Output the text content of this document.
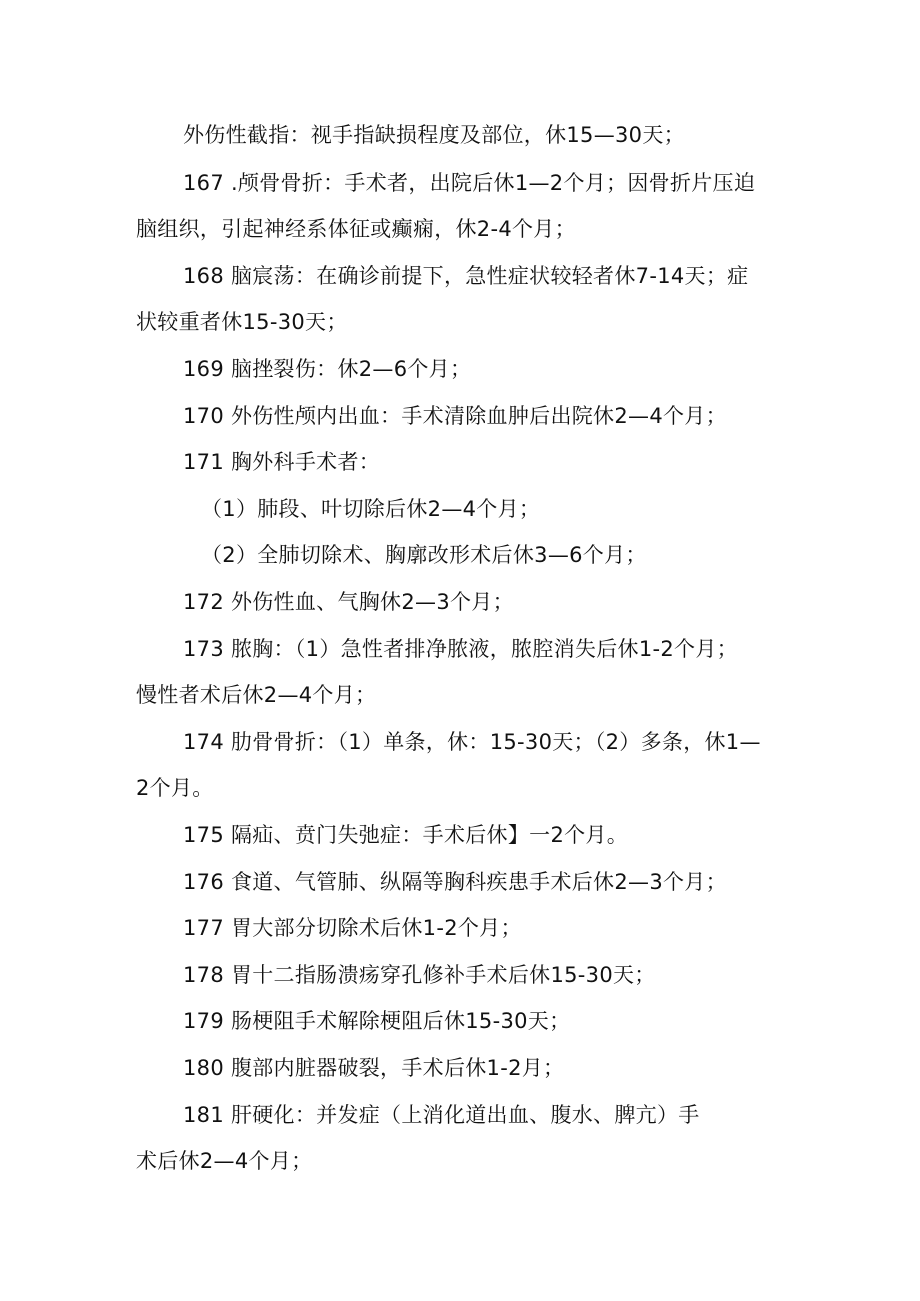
外伤性截指：视手指缺损程度及部位，休15—30天；
167 .颅骨骨折：手术者，出院后休1—2个月；因骨折片压迫
脑组织，引起神经系体征或癫痫，休2-4个月；
168 脑宸荡：在确诊前提下，急性症状较轻者休7-14天；症
状较重者休15-30天；
169 脑挫裂伤：休2—6个月；
170 外伤性颅内出血：手术清除血肿后出院休2—4个月；
171 胸外科手术者：
（1）肺段、叶切除后休2—4个月；
（2）全肺切除术、胸廓改形术后休3—6个月；
172 外伤性血、气胸休2—3个月；
173 脓胸：（1）急性者排净脓液，脓腔消失后休1-2个月；
慢性者术后休2—4个月；
174 肋骨骨折：（1）单条，休：15-30天；（2）多条，休1—
2个月。
175 隔疝、贲门失弛症：手术后休】一2个月。
176 食道、气管肺、纵隔等胸科疾患手术后休2—3个月；
177 胃大部分切除术后休1-2个月；
178 胃十二指肠溃疡穿孔修补手术后休15-30天；
179 肠梗阻手术解除梗阻后休15-30天；
180 腹部内脏器破裂，手术后休1-2月；
181 肝硬化：并发症（上消化道出血、腹水、脾亢）手
术后休2—4个月；
